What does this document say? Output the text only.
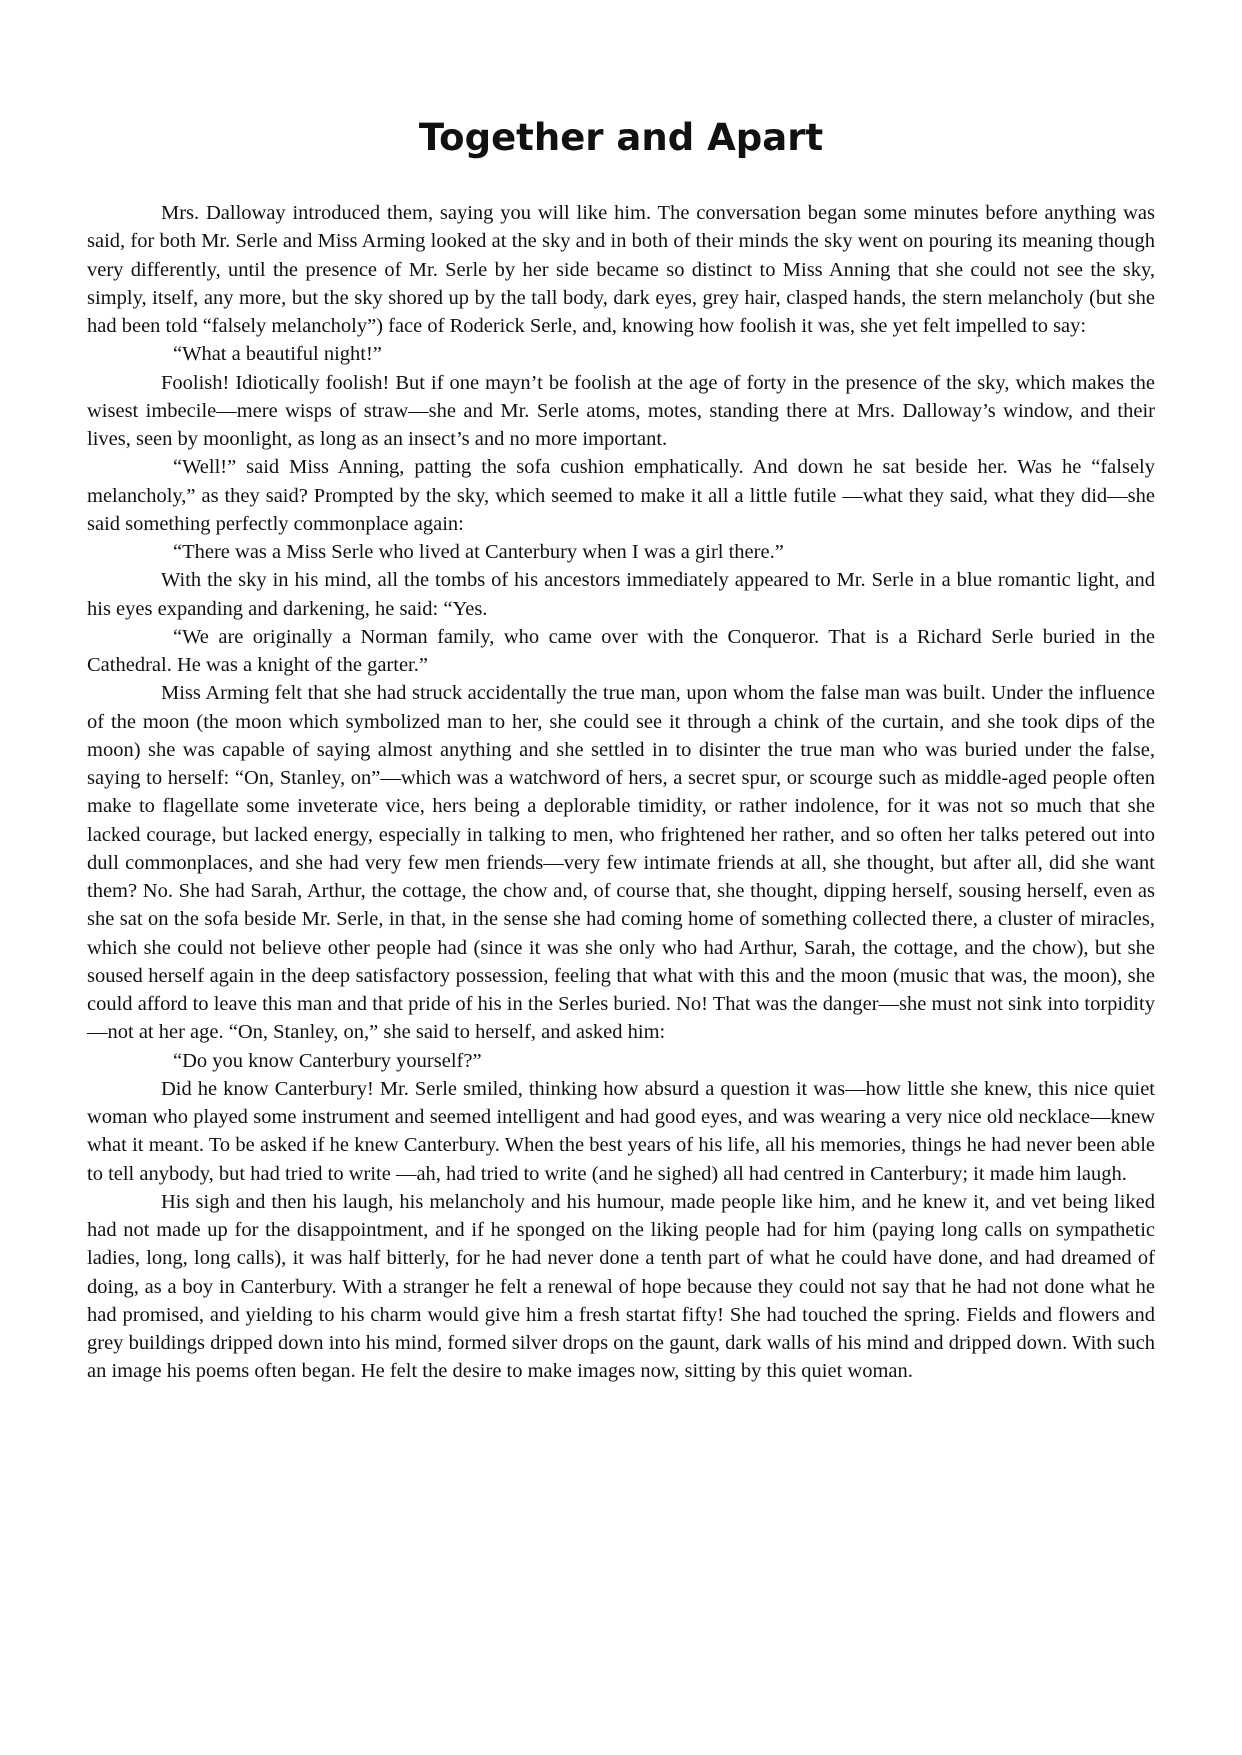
Together and Apart

Mrs. Dalloway introduced them, saying you will like him. The conversation began some minutes before anything was said, for both Mr. Serle and Miss Arming looked at the sky and in both of their minds the sky went on pouring its meaning though very differently, until the presence of Mr. Serle by her side became so distinct to Miss Anning that she could not see the sky, simply, itself, any more, but the sky shored up by the tall body, dark eyes, grey hair, clasped hands, the stern melancholy (but she had been told “falsely melancholy”) face of Roderick Serle, and, knowing how foolish it was, she yet felt impelled to say:

“What a beautiful night!”

Foolish! Idiotically foolish! But if one mayn’t be foolish at the age of forty in the presence of the sky, which makes the wisest imbecile—mere wisps of straw—she and Mr. Serle atoms, motes, standing there at Mrs. Dalloway’s window, and their lives, seen by moonlight, as long as an insect’s and no more important.

“Well!” said Miss Anning, patting the sofa cushion emphatically. And down he sat beside her. Was he “falsely melancholy,” as they said? Prompted by the sky, which seemed to make it all a little futile —what they said, what they did—she said something perfectly commonplace again:

“There was a Miss Serle who lived at Canterbury when I was a girl there.”

With the sky in his mind, all the tombs of his ancestors immediately appeared to Mr. Serle in a blue romantic light, and his eyes expanding and darkening, he said: “Yes.

“We are originally a Norman family, who came over with the Conqueror. That is a Richard Serle buried in the Cathedral. He was a knight of the garter.”

Miss Arming felt that she had struck accidentally the true man, upon whom the false man was built. Under the influence of the moon (the moon which symbolized man to her, she could see it through a chink of the curtain, and she took dips of the moon) she was capable of saying almost anything and she settled in to disinter the true man who was buried under the false, saying to herself: “On, Stanley, on”—which was a watchword of hers, a secret spur, or scourge such as middle-aged people often make to flagellate some inveterate vice, hers being a deplorable timidity, or rather indolence, for it was not so much that she lacked courage, but lacked energy, especially in talking to men, who frightened her rather, and so often her talks petered out into dull commonplaces, and she had very few men friends—very few intimate friends at all, she thought, but after all, did she want them? No. She had Sarah, Arthur, the cottage, the chow and, of course that, she thought, dipping herself, sousing herself, even as she sat on the sofa beside Mr. Serle, in that, in the sense she had coming home of something collected there, a cluster of miracles, which she could not believe other people had (since it was she only who had Arthur, Sarah, the cottage, and the chow), but she soused herself again in the deep satisfactory possession, feeling that what with this and the moon (music that was, the moon), she could afford to leave this man and that pride of his in the Serles buried. No! That was the danger—she must not sink into torpidity—not at her age. “On, Stanley, on,” she said to herself, and asked him:

“Do you know Canterbury yourself?”

Did he know Canterbury! Mr. Serle smiled, thinking how absurd a question it was—how little she knew, this nice quiet woman who played some instrument and seemed intelligent and had good eyes, and was wearing a very nice old necklace—knew what it meant. To be asked if he knew Canterbury. When the best years of his life, all his memories, things he had never been able to tell anybody, but had tried to write —ah, had tried to write (and he sighed) all had centred in Canterbury; it made him laugh.

His sigh and then his laugh, his melancholy and his humour, made people like him, and he knew it, and vet being liked had not made up for the disappointment, and if he sponged on the liking people had for him (paying long calls on sympathetic ladies, long, long calls), it was half bitterly, for he had never done a tenth part of what he could have done, and had dreamed of doing, as a boy in Canterbury. With a stranger he felt a renewal of hope because they could not say that he had not done what he had promised, and yielding to his charm would give him a fresh startat fifty! She had touched the spring. Fields and flowers and grey buildings dripped down into his mind, formed silver drops on the gaunt, dark walls of his mind and dripped down. With such an image his poems often began. He felt the desire to make images now, sitting by this quiet woman.
